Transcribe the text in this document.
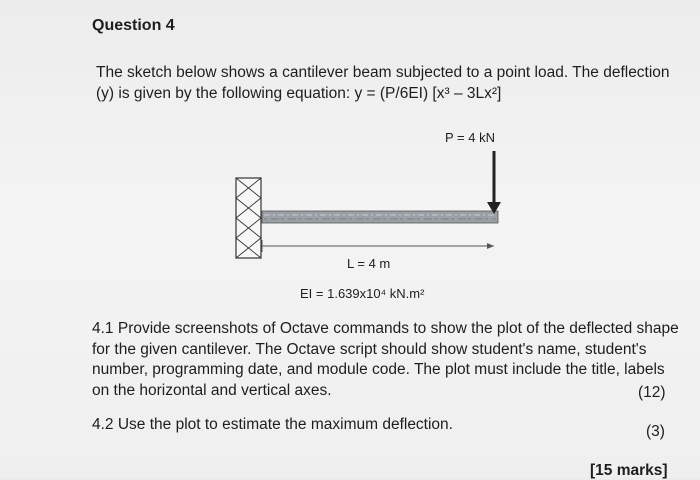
Question 4
The sketch below shows a cantilever beam subjected to a point load. The deflection
(y) is given by the following equation: y = (P/6EI) [x³ – 3Lx²]
P = 4 kN
L = 4 m
EI = 1.639x10⁴ kN.m²
4.1 Provide screenshots of Octave commands to show the plot of the deflected shape
for the given cantilever. The Octave script should show student's name, student's
number, programming date, and module code. The plot must include the title, labels
on the horizontal and vertical axes.	(12)
4.2 Use the plot to estimate the maximum deflection.	(3)
[15 marks]
